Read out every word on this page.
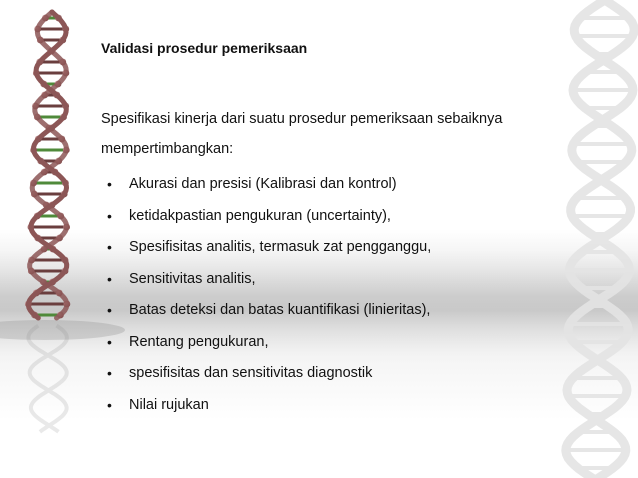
Validasi prosedur pemeriksaan
Spesifikasi kinerja dari suatu prosedur pemeriksaan sebaiknya mempertimbangkan:
• Akurasi dan presisi (Kalibrasi dan kontrol)
• ketidakpastian pengukuran (uncertainty),
• Spesifisitas analitis, termasuk zat pengganggu,
• Sensitivitas analitis,
• Batas deteksi dan batas kuantifikasi (linieritas),
• Rentang pengukuran,
• spesifisitas dan sensitivitas diagnostik
• Nilai rujukan
